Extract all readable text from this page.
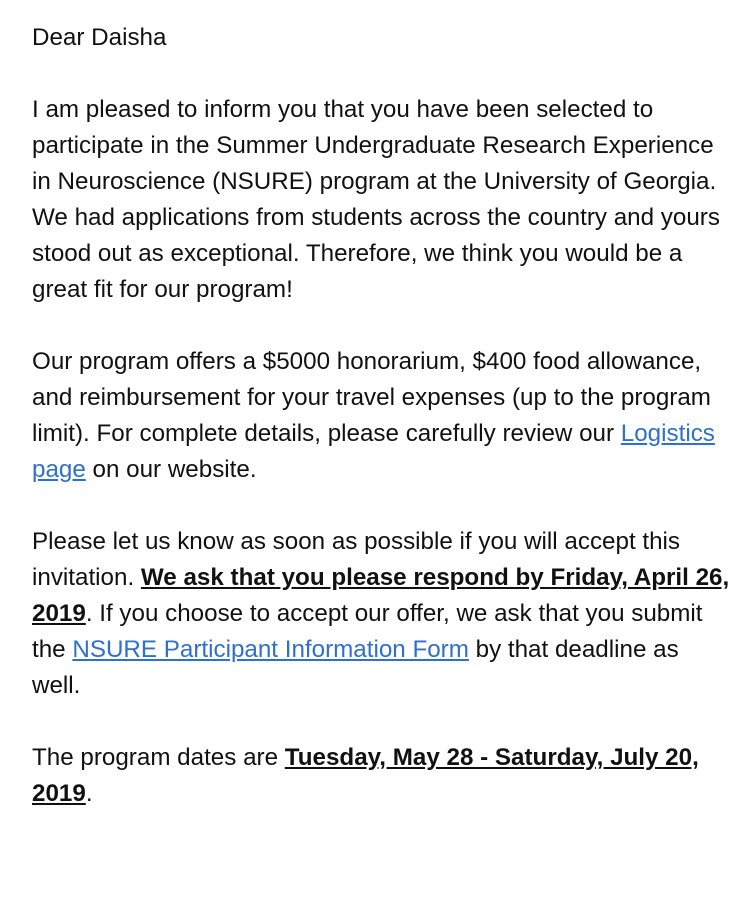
Dear Daisha

I am pleased to inform you that you have been selected to participate in the Summer Undergraduate Research Experience in Neuroscience (NSURE) program at the University of Georgia. We had applications from students across the country and yours stood out as exceptional. Therefore, we think you would be a great fit for our program!

Our program offers a $5000 honorarium, $400 food allowance, and reimbursement for your travel expenses (up to the program limit). For complete details, please carefully review our Logistics page on our website.

Please let us know as soon as possible if you will accept this invitation. We ask that you please respond by Friday, April 26, 2019. If you choose to accept our offer, we ask that you submit the NSURE Participant Information Form by that deadline as well.

The program dates are Tuesday, May 28 - Saturday, July 20, 2019.
